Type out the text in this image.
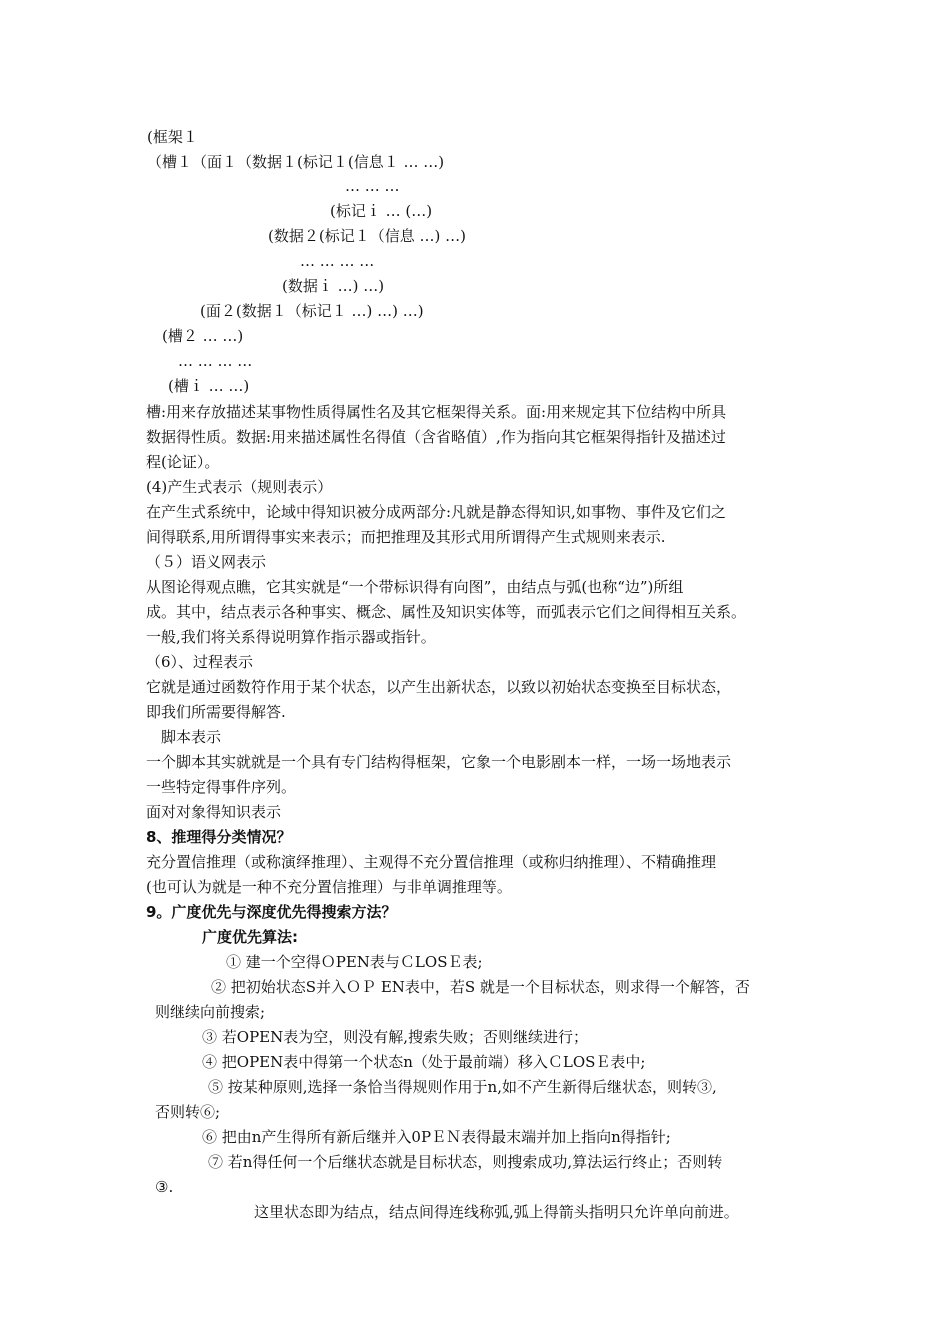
(框架１
（槽１（面１（数据１(标记１(信息１ … …)
… … …
(标记ｉ … (…)
(数据２(标记１（信息 …) …)
… … … …
(数据ｉ …) …)
(面２(数据１（标记１ …) …) …)
(槽２ … …)
… … … …
(槽ｉ … …)
槽:用来存放描述某事物性质得属性名及其它框架得关系。面:用来规定其下位结构中所具
数据得性质。数据:用来描述属性名得值（含省略值）,作为指向其它框架得指针及描述过
程(论证）。
(4)产生式表示（规则表示）
在产生式系统中，论域中得知识被分成两部分:凡就是静态得知识,如事物、事件及它们之
间得联系,用所谓得事实来表示；而把推理及其形式用所谓得产生式规则来表示.
（５）语义网表示
从图论得观点瞧，它其实就是“一个带标识得有向图”，由结点与弧(也称“边”)所组
成。其中，结点表示各种事实、概念、属性及知识实体等，而弧表示它们之间得相互关系。
一般,我们将关系得说明算作指示器或指针。
（6）、过程表示
它就是通过函数符作用于某个状态，以产生出新状态，以致以初始状态变换至目标状态，
即我们所需要得解答.
脚本表示
一个脚本其实就就是一个具有专门结构得框架，它象一个电影剧本一样，一场一场地表示
一些特定得事件序列。
面对对象得知识表示
8、推理得分类情况？
充分置信推理（或称演绎推理）、主观得不充分置信推理（或称归纳推理）、不精确推理
(也可认为就是一种不充分置信推理）与非单调推理等。
9。广度优先与深度优先得搜索方法？
广度优先算法:
① 建一个空得ＯPEN表与ＣLOSＥ表;
② 把初始状态S并入ＯＰ EN表中，若S 就是一个目标状态，则求得一个解答，否
则继续向前搜索;
③ 若OPEN表为空，则没有解,搜索失败；否则继续进行；
④ 把OPEN表中得第一个状态n（处于最前端）移入ＣLOSＥ表中;
⑤ 按某种原则,选择一条恰当得规则作用于n,如不产生新得后继状态，则转③,
否则转⑥;
⑥ 把由n产生得所有新后继并入0PＥＮ表得最末端并加上指向n得指针;
⑦ 若n得任何一个后继状态就是目标状态，则搜索成功,算法运行终止；否则转
③.
这里状态即为结点，结点间得连线称弧,弧上得箭头指明只允许单向前进。
